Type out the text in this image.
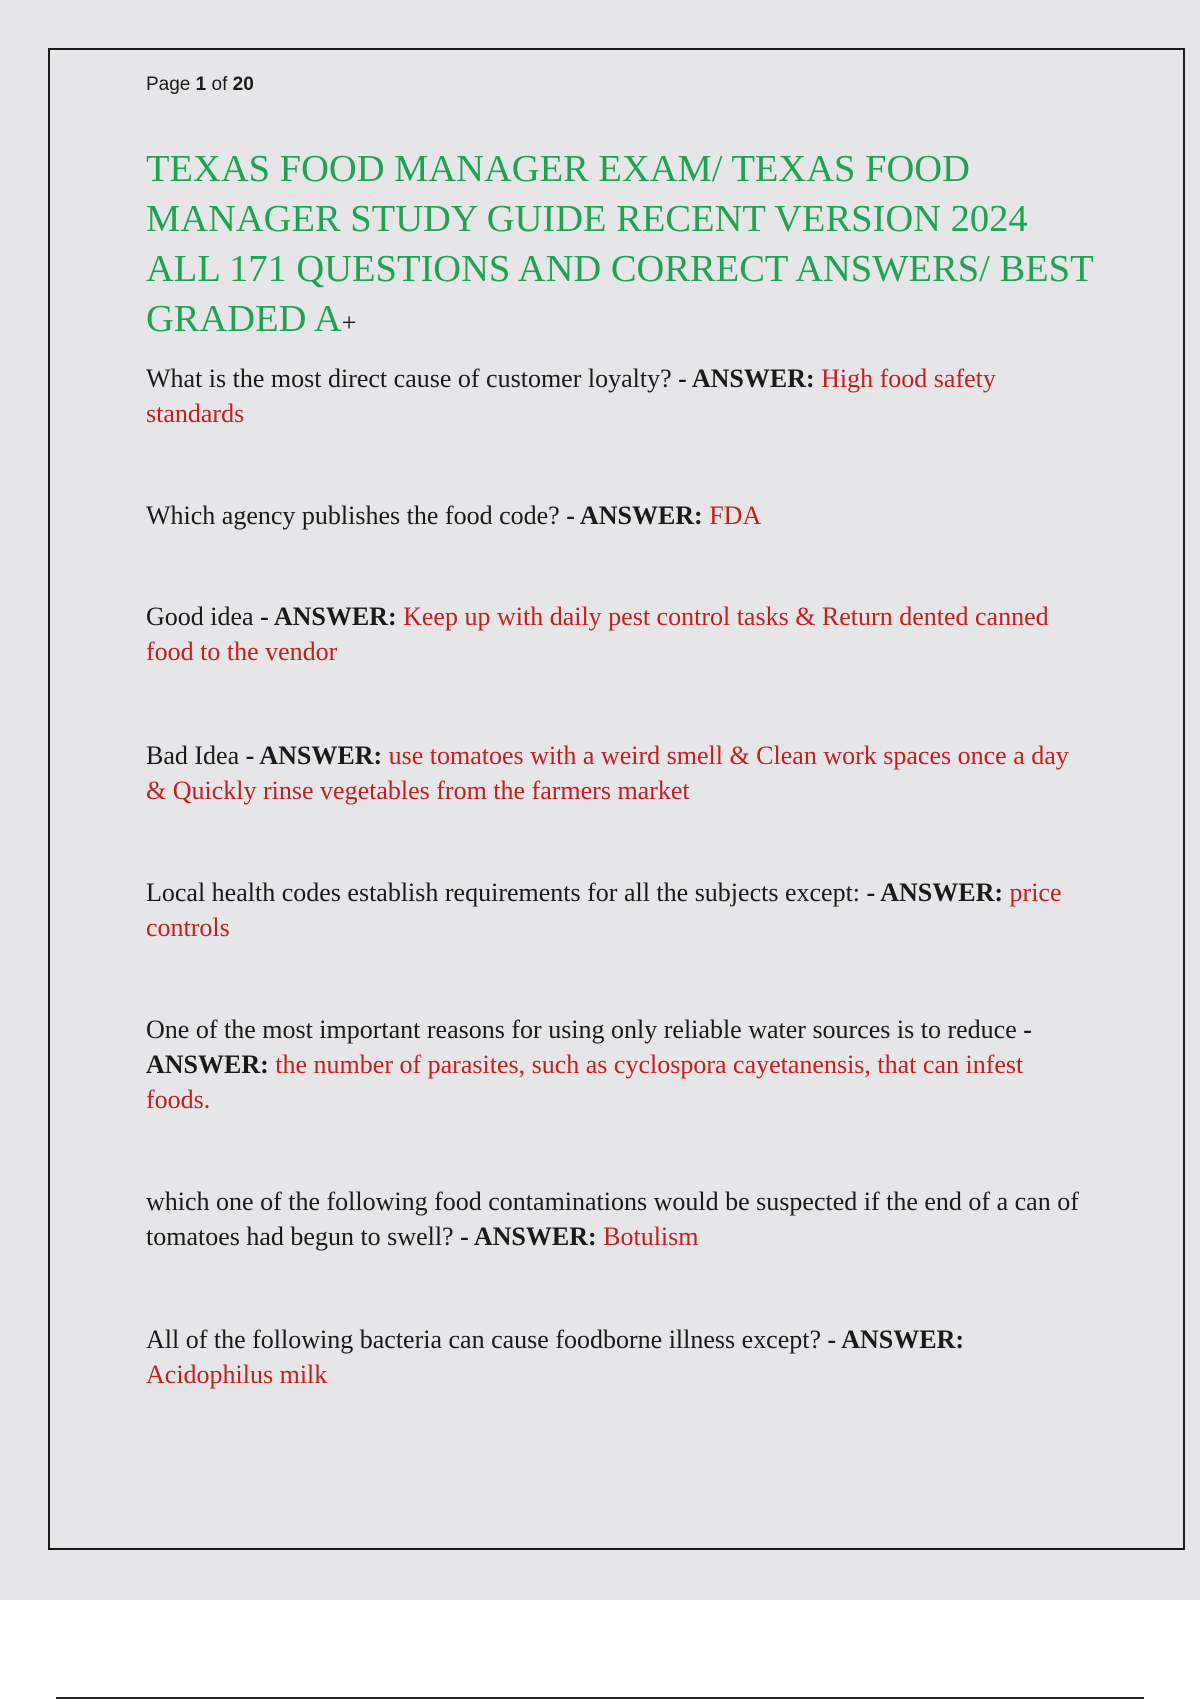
Page 1 of 20
TEXAS FOOD MANAGER EXAM/ TEXAS FOOD MANAGER STUDY GUIDE RECENT VERSION 2024 ALL 171 QUESTIONS AND CORRECT ANSWERS/ BEST GRADED A+
What is the most direct cause of customer loyalty? - ANSWER: High food safety standards
Which agency publishes the food code? - ANSWER: FDA
Good idea - ANSWER: Keep up with daily pest control tasks & Return dented canned food to the vendor
Bad Idea - ANSWER: use tomatoes with a weird smell & Clean work spaces once a day & Quickly rinse vegetables from the farmers market
Local health codes establish requirements for all the subjects except: - ANSWER: price controls
One of the most important reasons for using only reliable water sources is to reduce - ANSWER: the number of parasites, such as cyclospora cayetanensis, that can infest foods.
which one of the following food contaminations would be suspected if the end of a can of tomatoes had begun to swell? - ANSWER: Botulism
All of the following bacteria can cause foodborne illness except? - ANSWER: Acidophilus milk
